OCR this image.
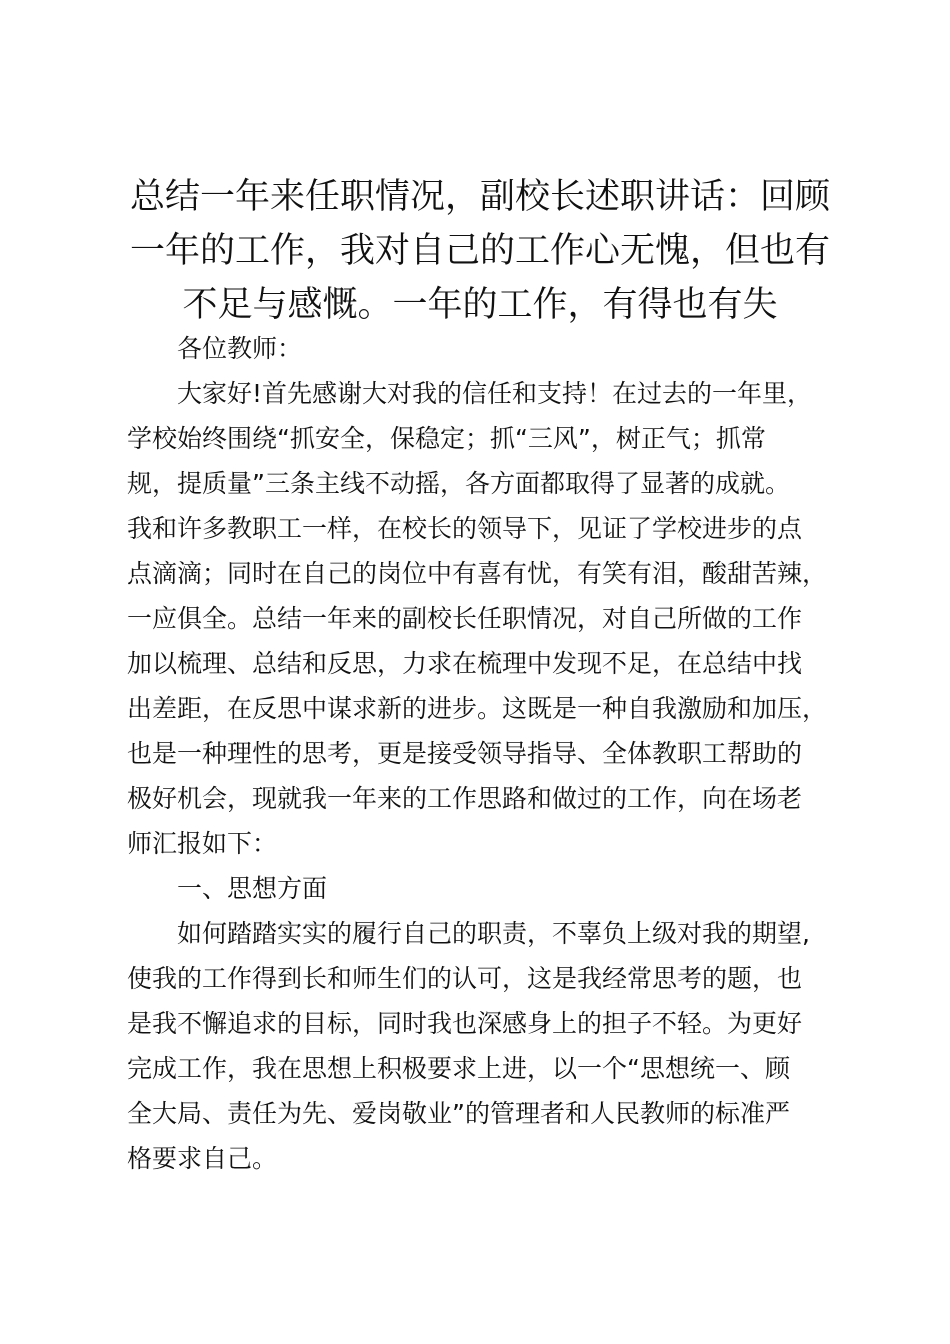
总结一年来任职情况，副校长述职讲话：回顾
一年的工作，我对自己的工作心无愧，但也有
不足与感慨。一年的工作，有得也有失
各位教师：
大家好!首先感谢大对我的信任和支持！在过去的一年里，
学校始终围绕“抓安全，保稳定；抓“三风”，树正气；抓常
规，提质量”三条主线不动摇，各方面都取得了显著的成就。
我和许多教职工一样，在校长的领导下，见证了学校进步的点
点滴滴；同时在自己的岗位中有喜有忧，有笑有泪，酸甜苦辣，
一应俱全。总结一年来的副校长任职情况，对自己所做的工作
加以梳理、总结和反思，力求在梳理中发现不足，在总结中找
出差距，在反思中谋求新的进步。这既是一种自我激励和加压，
也是一种理性的思考，更是接受领导指导、全体教职工帮助的
极好机会，现就我一年来的工作思路和做过的工作，向在场老
师汇报如下：
一、思想方面
如何踏踏实实的履行自己的职责，不辜负上级对我的期望,
使我的工作得到长和师生们的认可，这是我经常思考的题，也
是我不懈追求的目标，同时我也深感身上的担子不轻。为更好
完成工作，我在思想上积极要求上进，以一个“思想统一、顾
全大局、责任为先、爱岗敬业”的管理者和人民教师的标准严
格要求自己。
